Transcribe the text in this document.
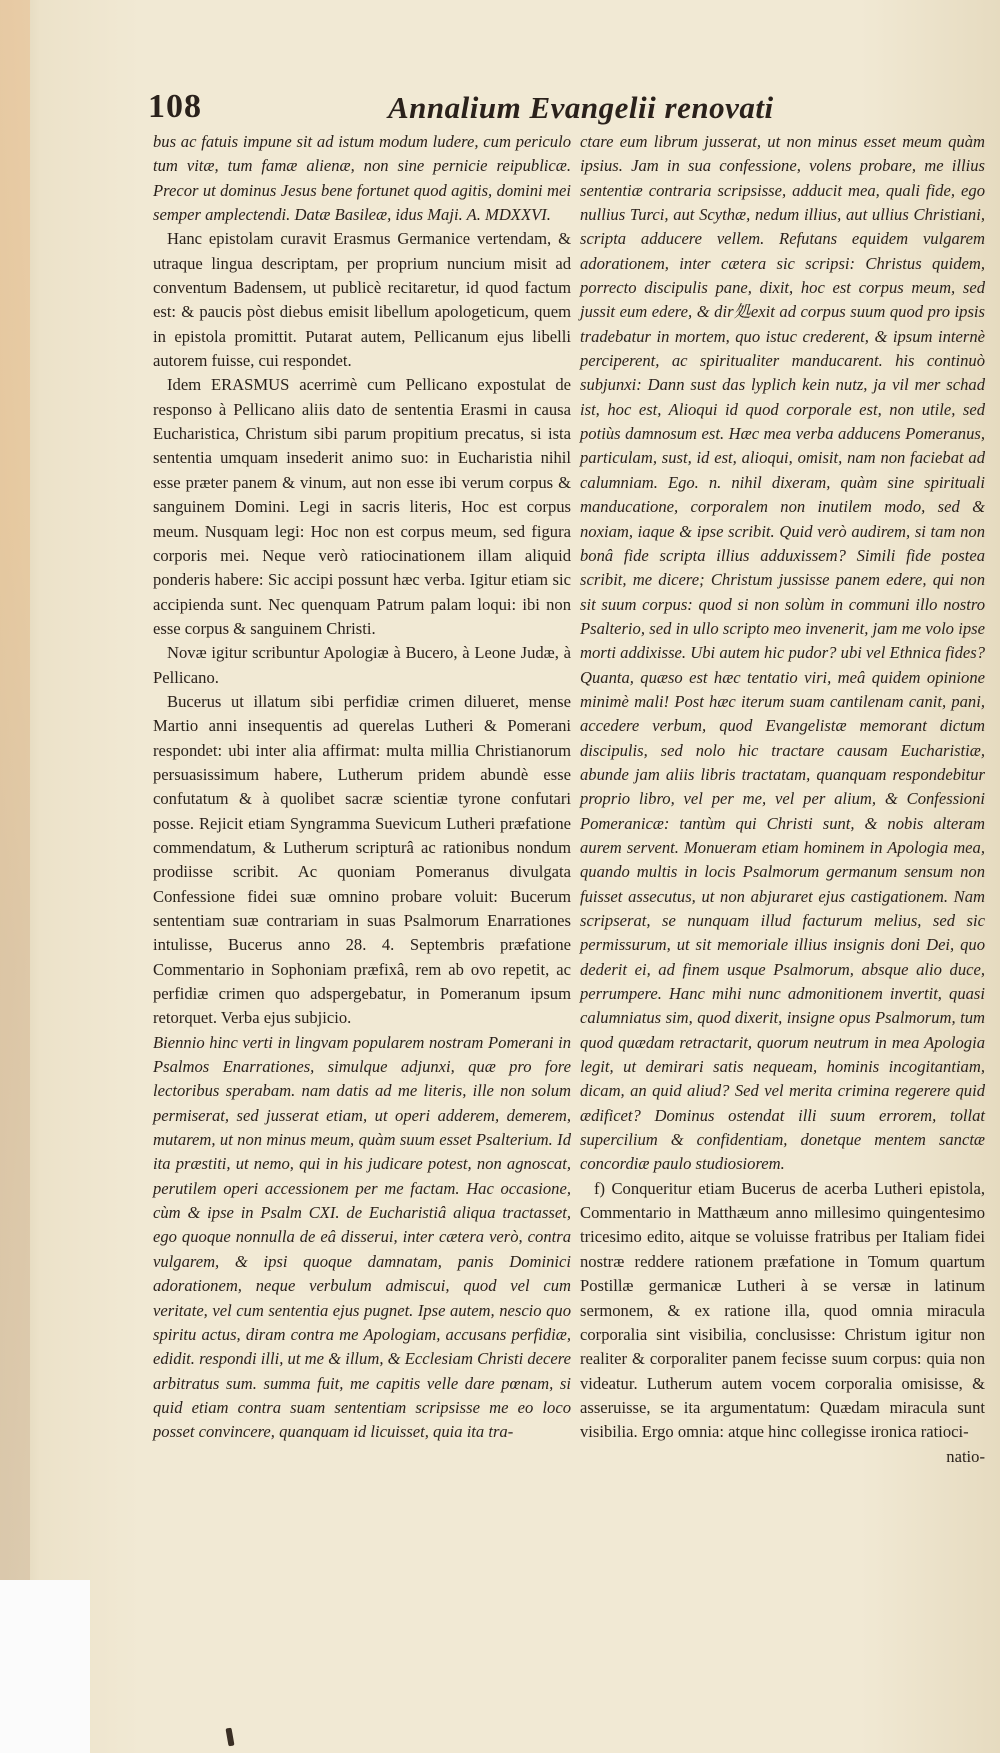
108	Annalium Evangelii renovati

bus ac fatuis impune sit ad istum modum ludere, cum periculo tum vitæ, tum famæ alienæ, non sine pernicie reipublicæ. Precor ut dominus Jesus bene fortunet quod agitis, domini mei semper amplectendi. Datæ Basileæ, idus Maji. A. MDXXVI.

Hanc epistolam curavit Erasmus Germanice vertendam, & utraque lingua descriptam, per proprium nuncium misit ad conventum Badensem, ut publicè recitaretur, id quod factum est: & paucis pòst diebus emisit libellum apologeticum, quem in epistola promittit. Putarat autem, Pellicanum ejus libelli autorem fuisse, cui respondet.

Idem ERASMUS acerrimè cum Pellicano expostulat de responso à Pellicano aliis dato de sententia Erasmi in causa Eucharistica, Christum sibi parum propitium precatus, si ista sententia umquam insederit animo suo: in Eucharistia nihil esse præter panem & vinum, aut non esse ibi verum corpus & sanguinem Domini. Legi in sacris literis, Hoc est corpus meum. Nusquam legi: Hoc non est corpus meum, sed figura corporis mei. Neque verò ratiocinationem illam aliquid ponderis habere: Sic accipi possunt hæc verba. Igitur etiam sic accipienda sunt. Nec quenquam Patrum palam loqui: ibi non esse corpus & sanguinem Christi.

Novæ igitur scribuntur Apologiæ à Bucero, à Leone Judæ, à Pellicano.

Bucerus ut illatum sibi perfidiæ crimen dilueret, mense Martio anni insequentis ad querelas Lutheri & Pomerani respondet: ubi inter alia affirmat: multa millia Christianorum persuasissimum habere, Lutherum pridem abundè esse confutatum & à quolibet sacræ scientiæ tyrone confutari posse. Rejicit etiam Syngramma Suevicum Lutheri præfatione commendatum, & Lutherum scripturâ ac rationibus nondum prodiisse scribit. Ac quoniam Pomeranus divulgata Confessione fidei suæ omnino probare voluit: Bucerum sententiam suæ contrariam in suas Psalmorum Enarrationes intulisse, Bucerus anno 28. 4. Septembris præfatione Commentario in Sophoniam præfixâ, rem ab ovo repetit, ac perfidiæ crimen quo adspergebatur, in Pomeranum ipsum retorquet. Verba ejus subjicio.

Biennio hinc verti in lingvam popularem nostram Pomerani in Psalmos Enarrationes, simulque adjunxi, quæ pro fore lectoribus sperabam. nam datis ad me literis, ille non solum permiserat, sed jusserat etiam, ut operi adderem, demerem, mutarem, ut non minus meum, quàm suum esset Psalterium. Id ita præstiti, ut nemo, qui in his judicare potest, non agnoscat, perutilem operi accessionem per me factam. Hac occasione, cùm & ipse in Psalm CXI. de Eucharistiâ aliqua tractasset, ego quoque nonnulla de eâ disserui, inter cætera verò, contra vulgarem, & ipsi quoque damnatam, panis Dominici adorationem, neque verbulum admiscui, quod vel cum veritate, vel cum sententia ejus pugnet. Ipse autem, nescio quo spiritu actus, diram contra me Apologiam, accusans perfidiæ, edidit. respondi illi, ut me & illum, & Ecclesiam Christi decere arbitratus sum. summa fuit, me capitis velle dare pœnam, si quid etiam contra suam sententiam scripsisse me eo loco posset convincere, quanquam id licuisset, quia ita tra-

ctare eum librum jusserat, ut non minus esset meum quàm ipsius. Jam in sua confessione, volens probare, me illius sententiæ contraria scripsisse, adducit mea, quali fide, ego nullius Turci, aut Scythæ, nedum illius, aut ullius Christiani, scripta adducere vellem. Refutans equidem vulgarem adorationem, inter cætera sic scripsi: Christus quidem, porrecto discipulis pane, dixit, hoc est corpus meum, sed jussit eum edere, & dir処exit ad corpus suum quod pro ipsis tradebatur in mortem, quo istuc crederent, & ipsum internè perciperent, ac spiritualiter manducarent. his continuò subjunxi: Dann sust das lyplich kein nutz, ja vil mer schad ist, hoc est, Alioqui id quod corporale est, non utile, sed potiùs damnosum est. Hæc mea verba adducens Pomeranus, particulam, sust, id est, alioqui, omisit, nam non faciebat ad calumniam. Ego. n. nihil dixeram, quàm sine spirituali manducatione, corporalem non inutilem modo, sed & noxiam, iaque & ipse scribit. Quid verò audirem, si tam non bonâ fide scripta illius adduxissem? Simili fide postea scribit, me dicere; Christum jussisse panem edere, qui non sit suum corpus: quod si non solùm in communi illo nostro Psalterio, sed in ullo scripto meo invenerit, jam me volo ipse morti addixisse. Ubi autem hic pudor? ubi vel Ethnica fides? Quanta, quæso est hæc tentatio viri, meâ quidem opinione minimè mali! Post hæc iterum suam cantilenam canit, pani, accedere verbum, quod Evangelistæ memorant dictum discipulis, sed nolo hic tractare causam Eucharistiæ, abunde jam aliis libris tractatam, quanquam respondebitur proprio libro, vel per me, vel per alium, & Confessioni Pomeranicæ: tantùm qui Christi sunt, & nobis alteram aurem servent. Monueram etiam hominem in Apologia mea, quando multis in locis Psalmorum germanum sensum non fuisset assecutus, ut non abjuraret ejus castigationem. Nam scripserat, se nunquam illud facturum melius, sed sic permissurum, ut sit memoriale illius insignis doni Dei, quo dederit ei, ad finem usque Psalmorum, absque alio duce, perrumpere. Hanc mihi nunc admonitionem invertit, quasi calumniatus sim, quod dixerit, insigne opus Psalmorum, tum quod quædam retractarit, quorum neutrum in mea Apologia legit, ut demirari satis nequeam, hominis incogitantiam, dicam, an quid aliud? Sed vel merita crimina regerere quid ædificet? Dominus ostendat illi suum errorem, tollat supercilium & confidentiam, donetque mentem sanctæ concordiæ paulo studiosiorem.

f) Conqueritur etiam Bucerus de acerba Lutheri epistola, Commentario in Matthæum anno millesimo quingentesimo tricesimo edito, aitque se voluisse fratribus per Italiam fidei nostræ reddere rationem præfatione in Tomum quartum Postillæ germanicæ Lutheri à se versæ in latinum sermonem, & ex ratione illa, quod omnia miracula corporalia sint visibilia, conclusisse: Christum igitur non realiter & corporaliter panem fecisse suum corpus: quia non videatur. Lutherum autem vocem corporalia omisisse, & asseruisse, se ita argumentatum: Quædam miracula sunt visibilia. Ergo omnia: atque hinc collegisse ironica ratioci-

natio-
